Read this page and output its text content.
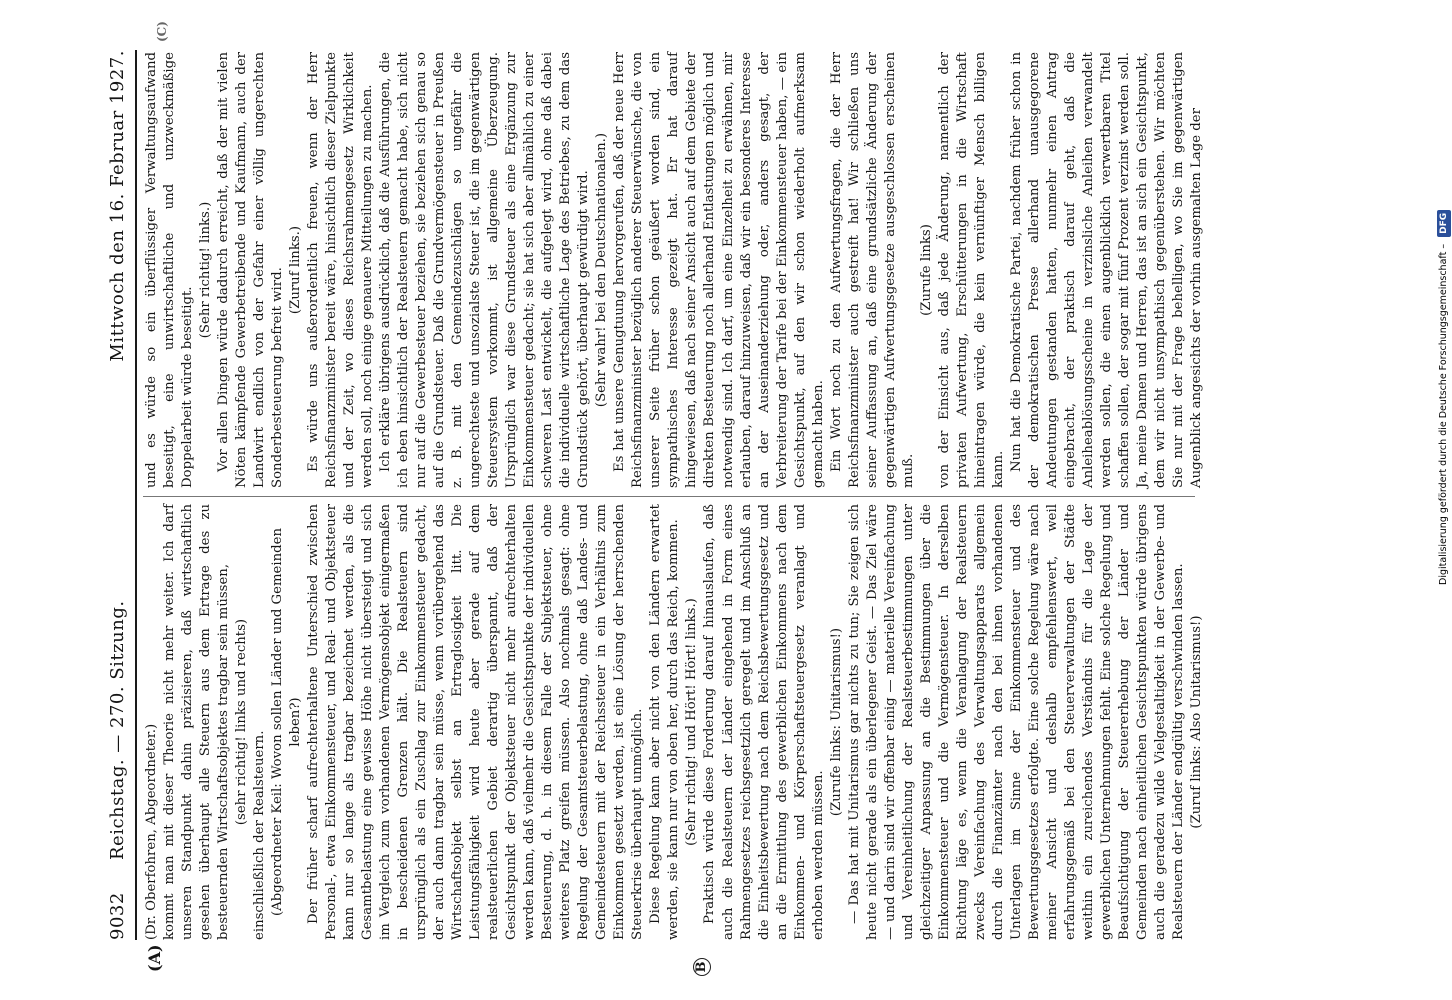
9032
Reichstag. — 270. Sitzung.
Mittwoch den 16. Februar 1927.
(A)	B
(C)

(Dr. Oberfohren, Abgeordneter.) kommt man mit dieser Theorie nicht mehr weiter. Ich darf unseren Standpunkt dahin präzisieren, daß wirtschaftlich gesehen überhaupt alle Steuern aus dem Ertrage des zu besteuernden Wirtschaftsobjektes tragbar sein müssen, (sehr richtig! links und rechts)

einschließlich der Realsteuern. (Abgeordneter Keil: Wovon sollen Länder und Gemeinden leben?) Der früher scharf aufrechterhaltene Unterschied zwischen Personal-, etwa Einkommensteuer, und Real- und Objektsteuer kann nur so lange als tragbar bezeichnet werden, als die Gesamtbelastung eine gewisse Höhe nicht übersteigt und sich im Vergleich zum vorhandenen Vermögensobjekt einigermaßen in bescheidenen Grenzen hält. Die Realsteuern sind ursprünglich als ein Zuschlag zur Einkommensteuer gedacht, der auch dann tragbar sein müsse, wenn vorübergehend das Wirtschaftsobjekt selbst an Ertraglosigkeit litt. Die Leistungsfähigkeit wird heute aber gerade auf dem realsteuerlichen Gebiet derartig überspannt, daß der Gesichtspunkt der Objektsteuer nicht mehr aufrechterhalten werden kann, daß vielmehr die Gesichtspunkte der individuellen Besteuerung, d. h. in diesem Falle der Subjektsteuer, ohne weiteres Platz greifen müssen. Also nochmals gesagt: ohne Regelung der Gesamtsteuerbelastung, ohne daß Landes- und Gemeindesteuern mit der Reichssteuer in ein Verhältnis zum Einkommen gesetzt werden, ist eine Lösung der herrschenden Steuerkrise überhaupt unmöglich. Diese Regelung kann aber nicht von den Ländern erwartet werden, sie kann nur von oben her, durch das Reich, kommen. (Sehr richtig! und Hört! Hört! links.) Praktisch würde diese Forderung darauf hinauslaufen, daß auch die Realsteuern der Länder eingehend in Form eines Rahmengesetzes reichsgesetzlich geregelt und im Anschluß an die Einheitsbewertung nach dem Reichsbewertungsgesetz und an die Ermittlung des gewerblichen Einkommens nach dem Einkommen- und Körperschaftsteuergesetz veranlagt und erhoben werden müssen.

(Zurufe links: Unitarismus!) — Das hat mit Unitarismus gar nichts zu tun; Sie zeigen sich heute nicht gerade als ein überlegener Geist. — Das Ziel wäre — und darin sind wir offenbar einig — materielle Vereinfachung und Vereinheitlichung der Realsteuerbestimmungen unter gleichzeitiger Anpassung an die Bestimmungen über die Einkommensteuer und die Vermögensteuer. In derselben Richtung läge es, wenn die Veranlagung der Realsteuern zwecks Vereinfachung des Verwaltungsapparats allgemein durch die Finanzämter nach den bei ihnen vorhandenen Unterlagen im Sinne der Einkommensteuer und des Bewertungsgesetzes erfolgte. Eine solche Regelung wäre nach meiner Ansicht und deshalb empfehlenswert, weil erfahrungsgemäß bei den Steuerverwaltungen der Städte weithin ein zureichendes Verständnis für die Lage der gewerblichen Unternehmungen fehlt. Eine solche Regelung und Beaufsichtigung der Steuererhebung der Länder und Gemeinden nach einheitlichen Gesichtspunkten würde übrigens auch die geradezu wilde Vielgestaltigkeit in der Gewerbe- und Realsteuern der Länder endgültig verschwinden lassen. (Zuruf links: Also Unitarismus!)

und es würde so ein überflüssiger Verwaltungsaufwand beseitigt, eine unwirtschaftliche und unzweckmäßige Doppelarbeit würde beseitigt.

(Sehr richtig! links.) Vor allen Dingen würde dadurch erreicht, daß der mit vielen Nöten kämpfende Gewerbetreibende und Kaufmann, auch der Landwirt endlich von der Gefahr einer völlig ungerechten Sonderbesteuerung befreit wird. (Zuruf links.) Es würde uns außerordentlich freuen, wenn der Herr Reichsfinanzminister bereit wäre, hinsichtlich dieser Zielpunkte und der Zeit, wo dieses Reichsrahmengesetz Wirklichkeit werden soll, noch einige genauere Mitteilungen zu machen. Ich erkläre übrigens ausdrücklich, daß die Ausführungen, die ich eben hinsichtlich der Realsteuern gemacht habe, sich nicht nur auf die Gewerbesteuer beziehen, sie beziehen sich genau so auf die Grundsteuer. Daß die Grundvermögensteuer in Preußen z. B. mit den Gemeindezuschlägen so ungefähr die ungerechteste und unsozialste Steuer ist, die im gegenwärtigen Steuersystem vorkommt, ist allgemeine Überzeugung. Ursprünglich war diese Grundsteuer als eine Ergänzung zur Einkommensteuer gedacht; sie hat sich aber allmählich zu einer schweren Last entwickelt, die aufgelegt wird, ohne daß dabei die individuelle wirtschaftliche Lage des Betriebes, zu dem das Grundstück gehört, überhaupt gewürdigt wird. (Sehr wahr! bei den Deutschnationalen.) Es hat unsere Genugtuung hervorgerufen, daß der neue Herr Reichsfinanzminister bezüglich anderer Steuerwünsche, die von unserer Seite früher schon geäußert worden sind, ein sympathisches Interesse gezeigt hat. Er hat darauf hingewiesen, daß nach seiner Ansicht auch auf dem Gebiete der direkten Besteuerung noch allerhand Entlastungen möglich und notwendig sind. Ich darf, um eine Einzelheit zu erwähnen, mir erlauben, darauf hinzuweisen, daß wir ein besonderes Interesse an der Auseinanderziehung oder, anders gesagt, der Verbreiterung der Tarife bei der Einkommensteuer haben, — ein Gesichtspunkt, auf den wir schon wiederholt aufmerksam gemacht haben. Ein Wort noch zu den Aufwertungsfragen, die der Herr Reichsfinanzminister auch gestreift hat! Wir schließen uns seiner Auffassung an, daß eine grundsätzliche Änderung der gegenwärtigen Aufwertungsgesetze ausgeschlossen erscheinen muß.

(Zurufe links) von der Einsicht aus, daß jede Änderung, namentlich der privaten Aufwertung, Erschütterungen in die Wirtschaft hineintragen würde, die kein vernünftiger Mensch billigen kann. Nun hat die Demokratische Partei, nachdem früher schon in der demokratischen Presse allerhand unausgegorene Andeutungen gestanden hatten, nunmehr einen Antrag eingebracht, der praktisch darauf geht, daß die Anleiheablösungsscheine in verzinsliche Anleihen verwandelt werden sollen, die einen augenblicklich verwertbaren Titel schaffen sollen, der sogar mit fünf Prozent verzinst werden soll. Ja, meine Damen und Herren, das ist an sich ein Gesichtspunkt, dem wir nicht unsympathisch gegenüberstehen. Wir möchten Sie nur mit der Frage behelligen, wo Sie im gegenwärtigen Augenblick angesichts der vorhin ausgemalten Lage der	Digitalisierung gefördert durch die Deutsche Forschungsgemeinschaft – DFG
